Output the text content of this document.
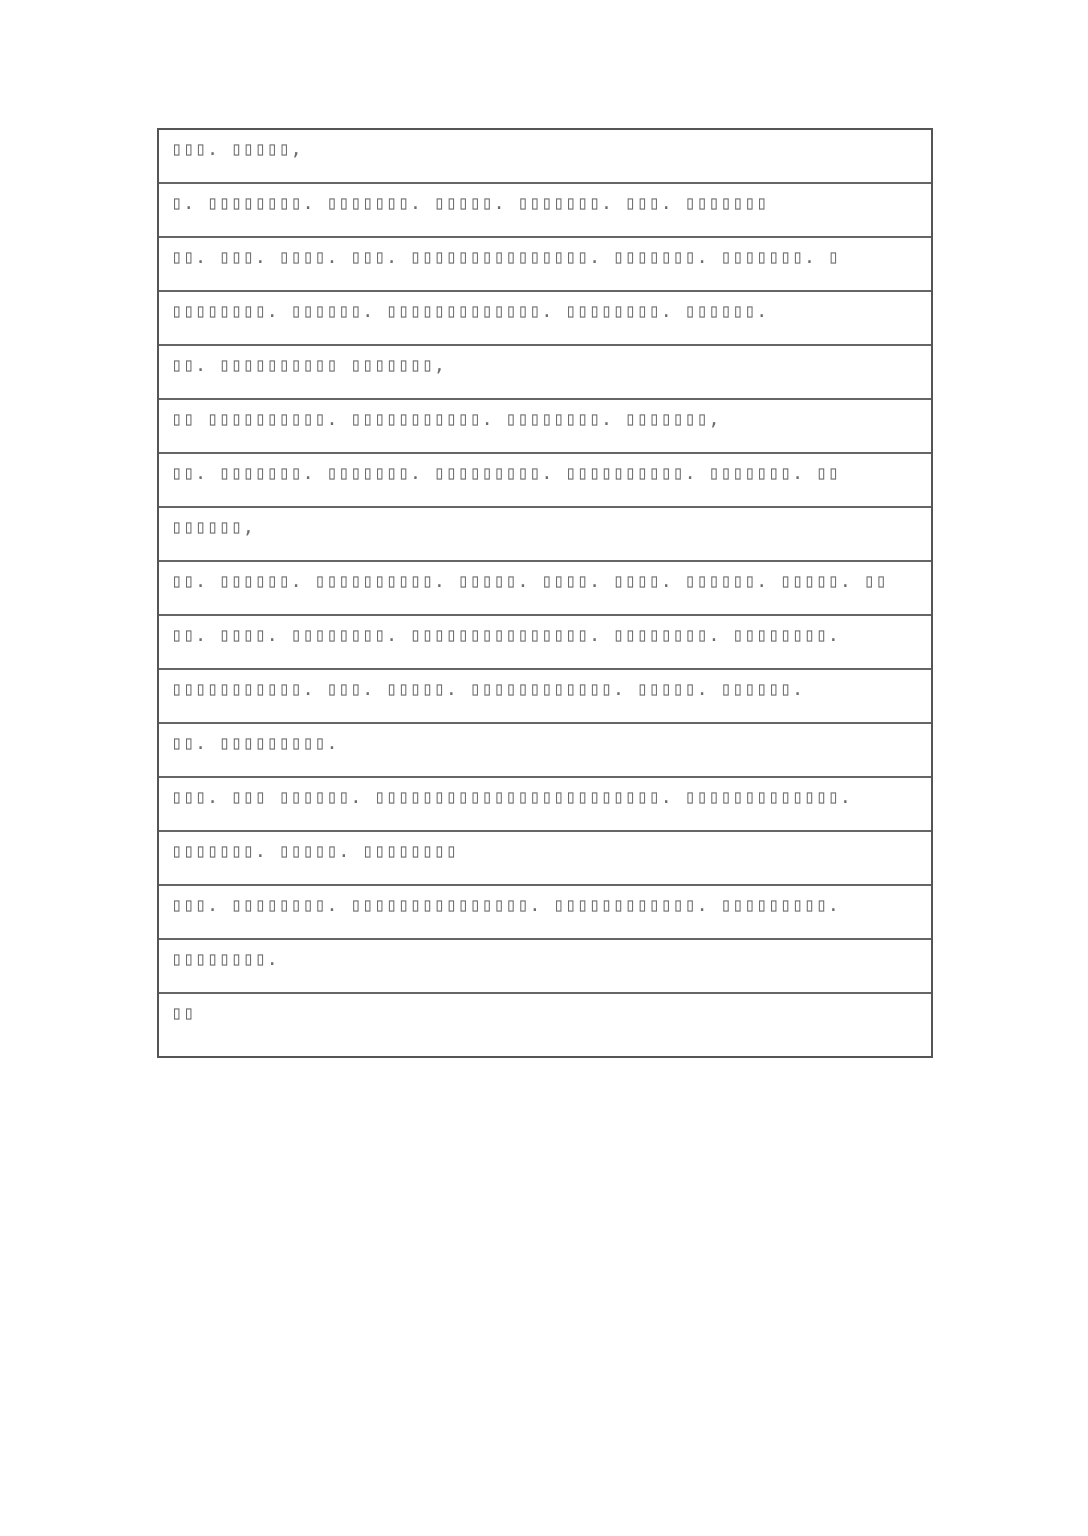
▯▯▯. ▯▯▯▯▯,
▯. ▯▯▯▯▯▯▯▯. ▯▯▯▯▯▯▯. ▯▯▯▯▯. ▯▯▯▯▯▯▯. ▯▯▯. ▯▯▯▯▯▯▯
▯▯. ▯▯▯. ▯▯▯▯. ▯▯▯. ▯▯▯▯▯▯▯▯▯▯▯▯▯▯▯. ▯▯▯▯▯▯▯. ▯▯▯▯▯▯▯. ▯
▯▯▯▯▯▯▯▯. ▯▯▯▯▯▯. ▯▯▯▯▯▯▯▯▯▯▯▯▯. ▯▯▯▯▯▯▯▯. ▯▯▯▯▯▯.
▯▯. ▯▯▯▯▯▯▯▯▯▯ ▯▯▯▯▯▯▯,
▯▯ ▯▯▯▯▯▯▯▯▯▯. ▯▯▯▯▯▯▯▯▯▯▯. ▯▯▯▯▯▯▯▯. ▯▯▯▯▯▯▯,
▯▯. ▯▯▯▯▯▯▯. ▯▯▯▯▯▯▯. ▯▯▯▯▯▯▯▯▯. ▯▯▯▯▯▯▯▯▯▯. ▯▯▯▯▯▯▯. ▯▯
▯▯▯▯▯▯,
▯▯. ▯▯▯▯▯▯. ▯▯▯▯▯▯▯▯▯▯. ▯▯▯▯▯. ▯▯▯▯. ▯▯▯▯. ▯▯▯▯▯▯. ▯▯▯▯▯. ▯▯
▯▯. ▯▯▯▯. ▯▯▯▯▯▯▯▯. ▯▯▯▯▯▯▯▯▯▯▯▯▯▯▯. ▯▯▯▯▯▯▯▯. ▯▯▯▯▯▯▯▯.
▯▯▯▯▯▯▯▯▯▯▯. ▯▯▯. ▯▯▯▯▯. ▯▯▯▯▯▯▯▯▯▯▯▯. ▯▯▯▯▯. ▯▯▯▯▯▯.
▯▯. ▯▯▯▯▯▯▯▯▯.
▯▯▯. ▯▯▯ ▯▯▯▯▯▯. ▯▯▯▯▯▯▯▯▯▯▯▯▯▯▯▯▯▯▯▯▯▯▯▯. ▯▯▯▯▯▯▯▯▯▯▯▯▯.
▯▯▯▯▯▯▯. ▯▯▯▯▯. ▯▯▯▯▯▯▯▯
▯▯▯. ▯▯▯▯▯▯▯▯. ▯▯▯▯▯▯▯▯▯▯▯▯▯▯▯. ▯▯▯▯▯▯▯▯▯▯▯▯. ▯▯▯▯▯▯▯▯▯.
▯▯▯▯▯▯▯▯.
▯▯
